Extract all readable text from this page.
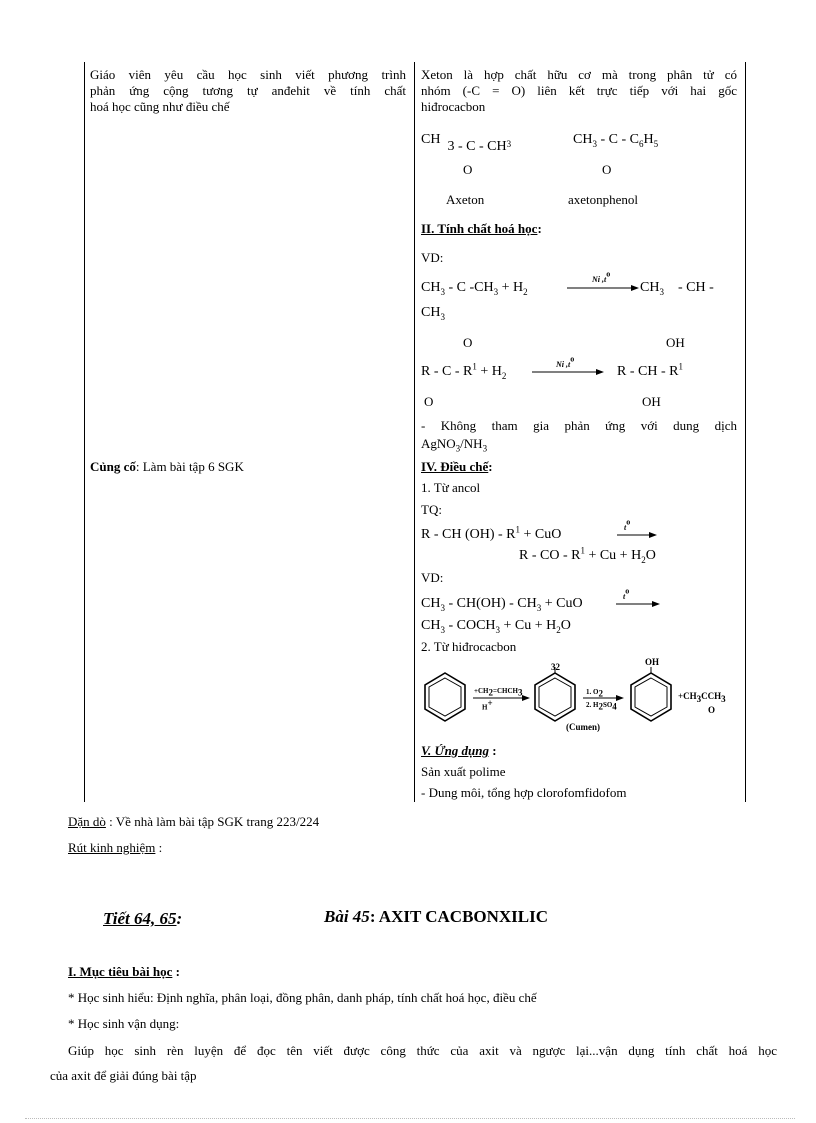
Giáo viên yêu cầu học sinh viết phương trình
phản ứng cộng tương tự anđehit về tính chất
hoá học cũng như điều chế
Củng cố: Làm bài tập 6 SGK
Xeton là hợp chất hữu cơ mà trong phân tử có
nhóm (-C = O) liên kết trực tiếp với hai gốc
hiđrocacbon
CH $_{3 - C - CH3}$	$CH_3$ - C - $C_6H_5$
O	O
Axeton	axetonphenol
II. Tính chất hoá học:
VD:
$CH_3$ - C $-CH_3 + H_2$
Ni $,t^o$
$CH_3$    - CH -
$CH_3$
O	OH
$R - C - R^1 + H_2$
Ni $,t^o$
R - CH - $R^1$
O	OH
- Không tham gia phản ứng với dung dịch
$AgNO_3/NH_3$
IV. Điều chế:
1. Từ ancol
TQ:
R - CH $(OH) - R^1$ + CuO	$t^o$
R - CO - $R^1 + Cu + H_2O$
VD:
$CH_3 - CH(OH) - CH_3$ + CuO	$t^o$
$CH_3$ - $COCH_3 + Cu + H_2O$
2. Từ hiđrocacbon
$_{32}$	OH
$+CH_2=CHCH_3$
H+
1. $O_2$
2. $H_2SO_4$
(Cumen)
$+CH_3CCH_3$
O
V. Ứng dụng :
Sản xuất polime
- Dung môi, tổng hợp clorofomfidofom
Dặn dò : Về nhà làm bài tập SGK trang 223/224
Rút kinh nghiệm :
Tiết 64, 65:	Bài 45: AXIT CACBONXILIC
I. Mục tiêu bài học :
* Học sinh hiểu: Định nghĩa, phân loại, đồng phân, danh pháp, tính chất hoá học, điều chế
* Học sinh vận dụng:
Giúp học sinh rèn luyện để đọc tên viết được công thức của axit và ngược lại...vận dụng tính chất hoá học
của axit để giải đúng bài tập
